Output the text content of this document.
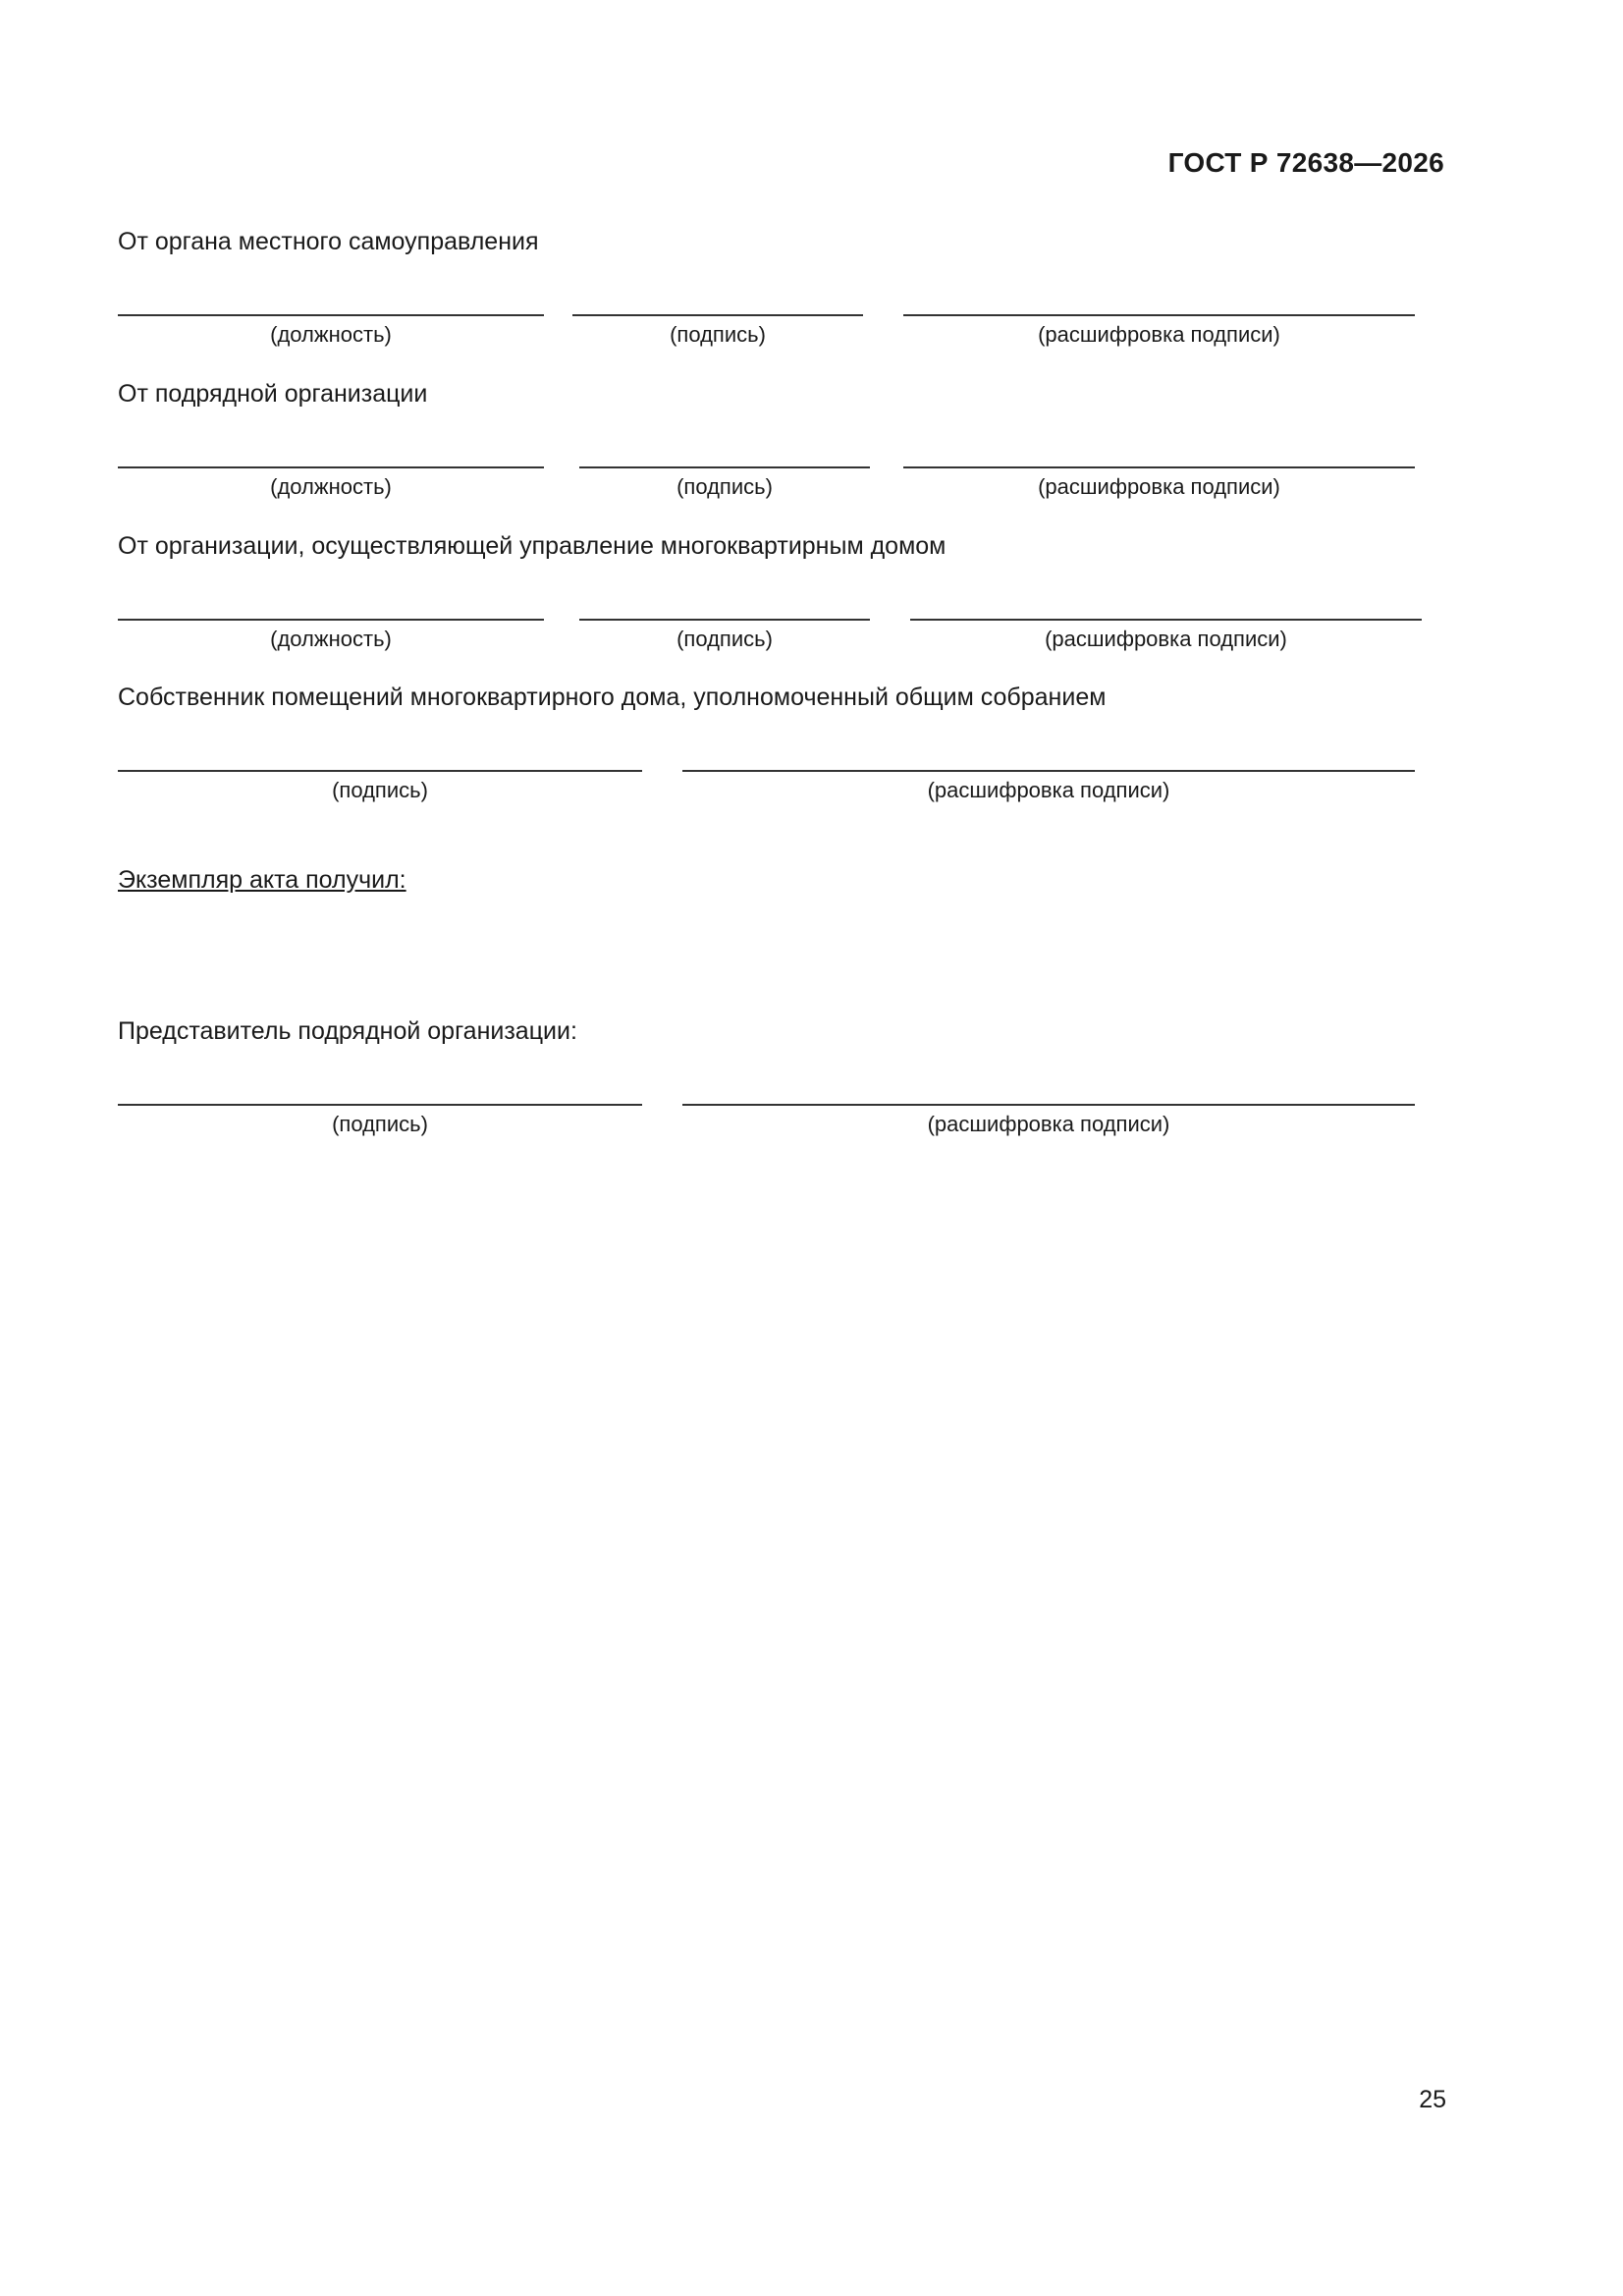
ГОСТ Р 72638—2026
От органа местного самоуправления
(должность)	(подпись)	(расшифровка подписи)
От подрядной организации
(должность)	(подпись)	(расшифровка подписи)
От организации, осуществляющей управление многоквартирным домом
(должность)	(подпись)	(расшифровка подписи)
Собственник помещений многоквартирного дома, уполномоченный общим собранием
(подпись)	(расшифровка подписи)
Экземпляр акта получил:
Представитель подрядной организации:
(подпись)	(расшифровка подписи)
25
